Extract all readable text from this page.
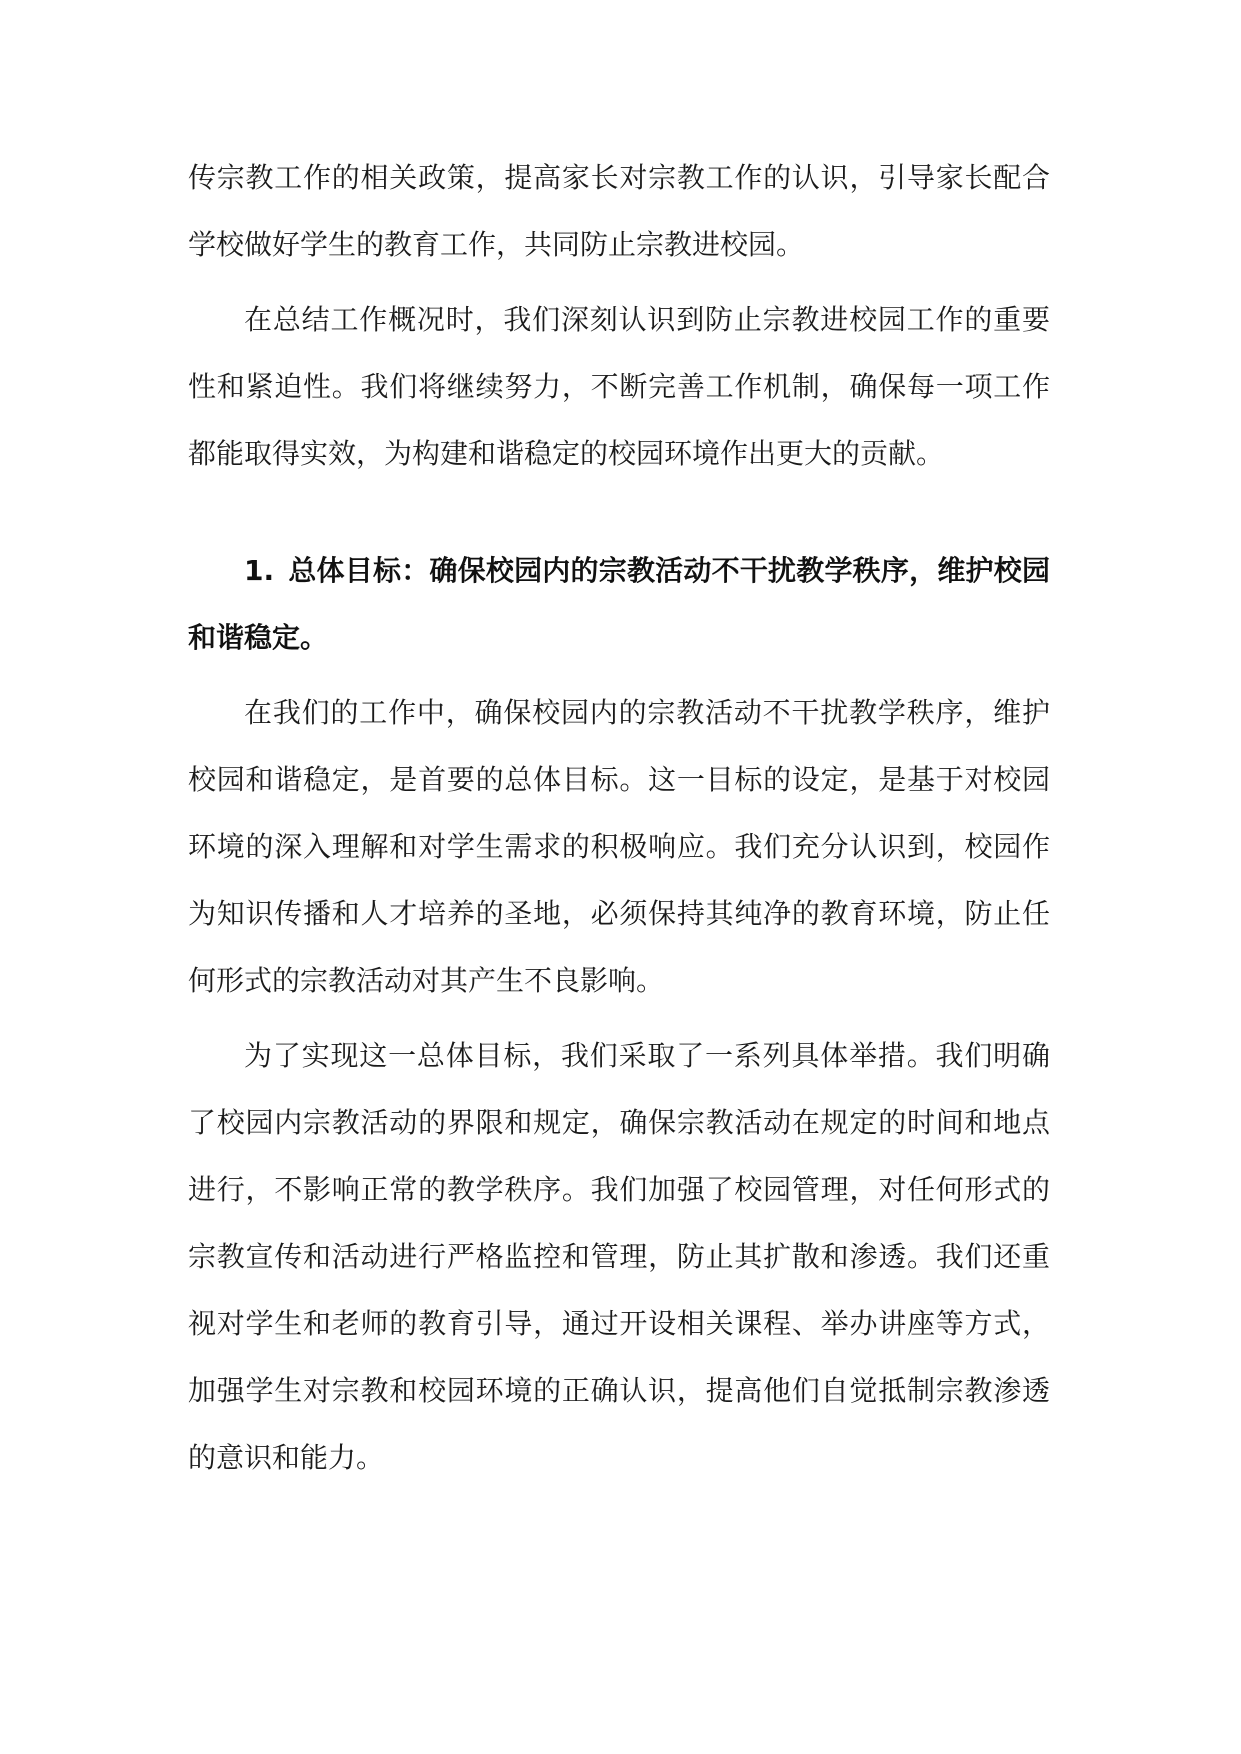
传宗教工作的相关政策，提高家长对宗教工作的认识，引导家长配合学校做好学生的教育工作，共同防止宗教进校园。

在总结工作概况时，我们深刻认识到防止宗教进校园工作的重要性和紧迫性。我们将继续努力，不断完善工作机制，确保每一项工作都能取得实效，为构建和谐稳定的校园环境作出更大的贡献。

1. 总体目标：确保校园内的宗教活动不干扰教学秩序，维护校园和谐稳定。

在我们的工作中，确保校园内的宗教活动不干扰教学秩序，维护校园和谐稳定，是首要的总体目标。这一目标的设定，是基于对校园环境的深入理解和对学生需求的积极响应。我们充分认识到，校园作为知识传播和人才培养的圣地，必须保持其纯净的教育环境，防止任何形式的宗教活动对其产生不良影响。

为了实现这一总体目标，我们采取了一系列具体举措。我们明确了校园内宗教活动的界限和规定，确保宗教活动在规定的时间和地点进行，不影响正常的教学秩序。我们加强了校园管理，对任何形式的宗教宣传和活动进行严格监控和管理，防止其扩散和渗透。我们还重视对学生和老师的教育引导，通过开设相关课程、举办讲座等方式，加强学生对宗教和校园环境的正确认识，提高他们自觉抵制宗教渗透的意识和能力。
